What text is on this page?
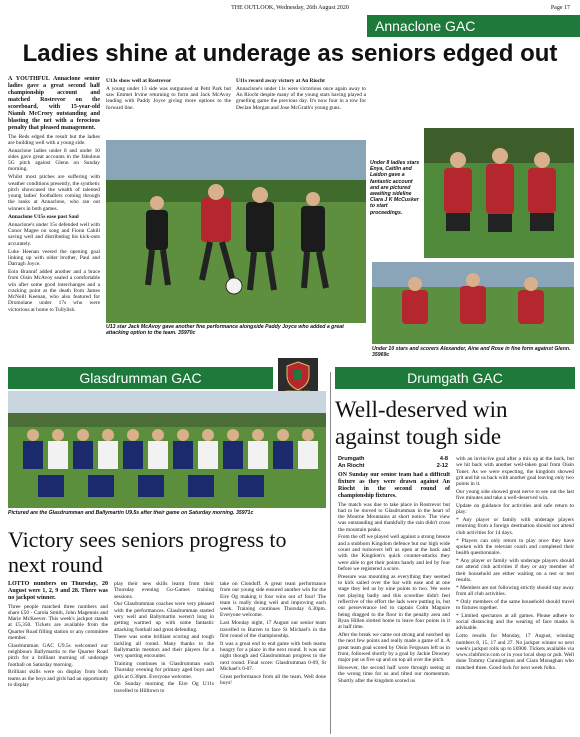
THE OUTLOOK, Wednesday, 26th August 2020	Page 17
Annaclone GAC
Ladies shine at underage as seniors edged out

A YOUTHFUL Annaclone senior ladies gave a great second half championship account and matched Rostrevor on the scoreboard, with 15-year-old Niamh McCrory outstanding and blasting the net with a ferocious penalty that pleased management.

The Reds edged the result but the ladies are building well with a young side.

Annaclone ladies under 8 and under 10 sides gave great accounts in the fabulous 5G pitch against Glenn on Sunday morning.

Whilst most pitches are suffering with weather conditions presently, the synthetic pitch showcased the wealth of talented young ladies' footballers coming through the ranks at Annaclone, who ran out winners in both games.

Annaclone U15s ease past Saul

Annaclone's under 15s defended well with Conor Magee on song and Fionn Cahill saving well and distributing his kick-outs accurately.

Luke Heenan veered the opening goal linking up with older brother, Paul and Darragh Joyce.

Eoin Brannif added another and a brace from Oisin McAvoy sealed a comfortable win after some good interchanges and a cracking point at the death from James McNeill Keenan, who also featured for Dromolane under 17s who were victorious at home to Tullylish.

U13s show well at Rostrevor

A young under 13 side was outgunned at Petit Park but saw Emmet Irvine returning to form and Jack McAvoy leading with Paddy Joyce giving more options to the forward line.

U11s record away victory at An Riocht

Annaclone's under 11s were victorious once again away to An Riocht despite many of the young stars having played a gruelling game the previous day. It's now four in a row for Declan Morgan and Jose McGrath's young guns.

U13 star Jack McAvoy gave another fine performance alongside Paddy Joyce who added a great attacking option to the team. 35970c
Under 8 ladies stars Enya, Caitlin and Laidon gave a fantastic account and are pictured awaiting sideline Clara J K McCusker to start proceedings.
Under 10 stars and scorers Alexander, Aine and Rose in fine form against Glenn. 35969c
Glasdrumman GAC
Pictured are the Glasdrumman and Ballymartin U9.5s after their game on Saturday morning. 35971c
Victory sees seniors progress to next round

LOTTO numbers on Thursday, 20 August were 1, 2, 9 and 28. There was no jackpot winner.

Three people matched three numbers and share £50 - Carola Smith, John Magennis and Marie McKeever. This week's jackpot stands at £5,350. Tickets are available from the Quarter Road filling station or any committee member.

Glasdrumman GAC U9.5s welcomed our neighbours Ballymartin to the Quarter Road pitch for a brilliant morning of underage football on Saturday morning.

Brilliant skills were on display from both teams as the boys and girls had an opportunity to display

play their new skills learnt from their Thursday evening Go-Games training sessions.

Our Glasdrumman coaches were very pleased with the performances. Glasdrumman started very well and Ballymartin weren't long in getting warmed up with some fantastic attacking football and great defending.

There was some brilliant scoring and tough tackling all round. Many thanks to the Ballymartin mentors and their players for a very sporting encounter.

Training continues in Glasdrumman each Thursday evening for primary aged boys and girls at 6.30pm. Everyone welcome.

On Sunday morning the Eire Og U11s travelled to Hilltown to

take on Clonduff. A great team performance from our young side ensured another win for the Eire Og making it four wins out of four! The team is really doing well and improving each week. Training continues Thursday 6.30pm. Everyone welcome.

Last Monday night, 17 August our senior team travelled to Burren to face St Michael's in the first round of the championship.

It was a great end to end game with both teams hungry for a place in the next round. It was our night though and Glasdrumman progress to the next round. Final score: Glasdrumman 0-09, St Michael's 0-07.

Great performance from all the team. Well done boys!

Drumgath GAC
Well-deserved win against tough side
Drumgath	4-8
An Riocht	2-12

ON Sunday our senior team had a difficult fixture as they were drawn against An Riocht in the second round of championship fixtures.

The match was due to take place in Rostrevor but had to be moved to Glasdrumman in the heart of the Mourne Mountains at short notice. The view was outstanding and thankfully the rain didn't cross the mountain peaks.

From the off we played well against a strong breeze and a stubborn Kingdom defence but our high wide count and turnovers left us open at the back and with the Kingdom's quick counter-attacks they were able to get their points handy and led by four before we registered a score.

Pressure was mounting as everything they seemed to kick sailed over the bar with ease and at one stage they led us by nine points to two. We were not playing badly and this scoreline didn't feel reflective of the effort the lads were putting in, but our perseverance led to captain Colm Maguire being dragged to the floor in the penalty area and Ryan Hillen slotted home to leave four points in it at half time.

After the break we came out strong and notched up the next few points and really made a game of it. A great team goal scored by Oisin Ferguson left us in front, followed shortly by a goal by Jackie Downey major put us five up and on top all over the pitch.

However, the second half wore through seeing at the wrong time for us and tilted our momentum. Shortly after the kingdom scored us

with an invincive goal after a mix up at the back, but we hit back with another well-taken goal from Oisin Toner. As we were expecting, the kingdom showed grit and hit us back with another goal leaving only two points in it.

Our young side showed great nerve to see out the last five minutes and take a well-deserved win.

Update on guidance for activities and safe return to play:

* Any player or family with underage players returning from a foreign destination should not attend club activities for 14 days.

* Players can only return to play once they have spoken with the relevant coach and completed their health questionnaire.

* Any player or family with underage players should not attend club activities if they or any member of their household are either waiting on a test or test results.

* Members are not following strictly should stay away from all club activities.

* Only members of the same household should travel to fixtures together.

* Limited spectators at all games. Please adhere to social distancing and the wearing of face masks is advisable.

Lotto results for Monday, 17 August, winning numbers 8, 15, 17 and 27. No jackpot winner so next week's jackpot rolls up to £6900. Tickets available via www.clubforce.com or in your local shop or pub. Well done Tommy Cunningham and Ciara Monaghan who matched three. Good luck for next week folks.
